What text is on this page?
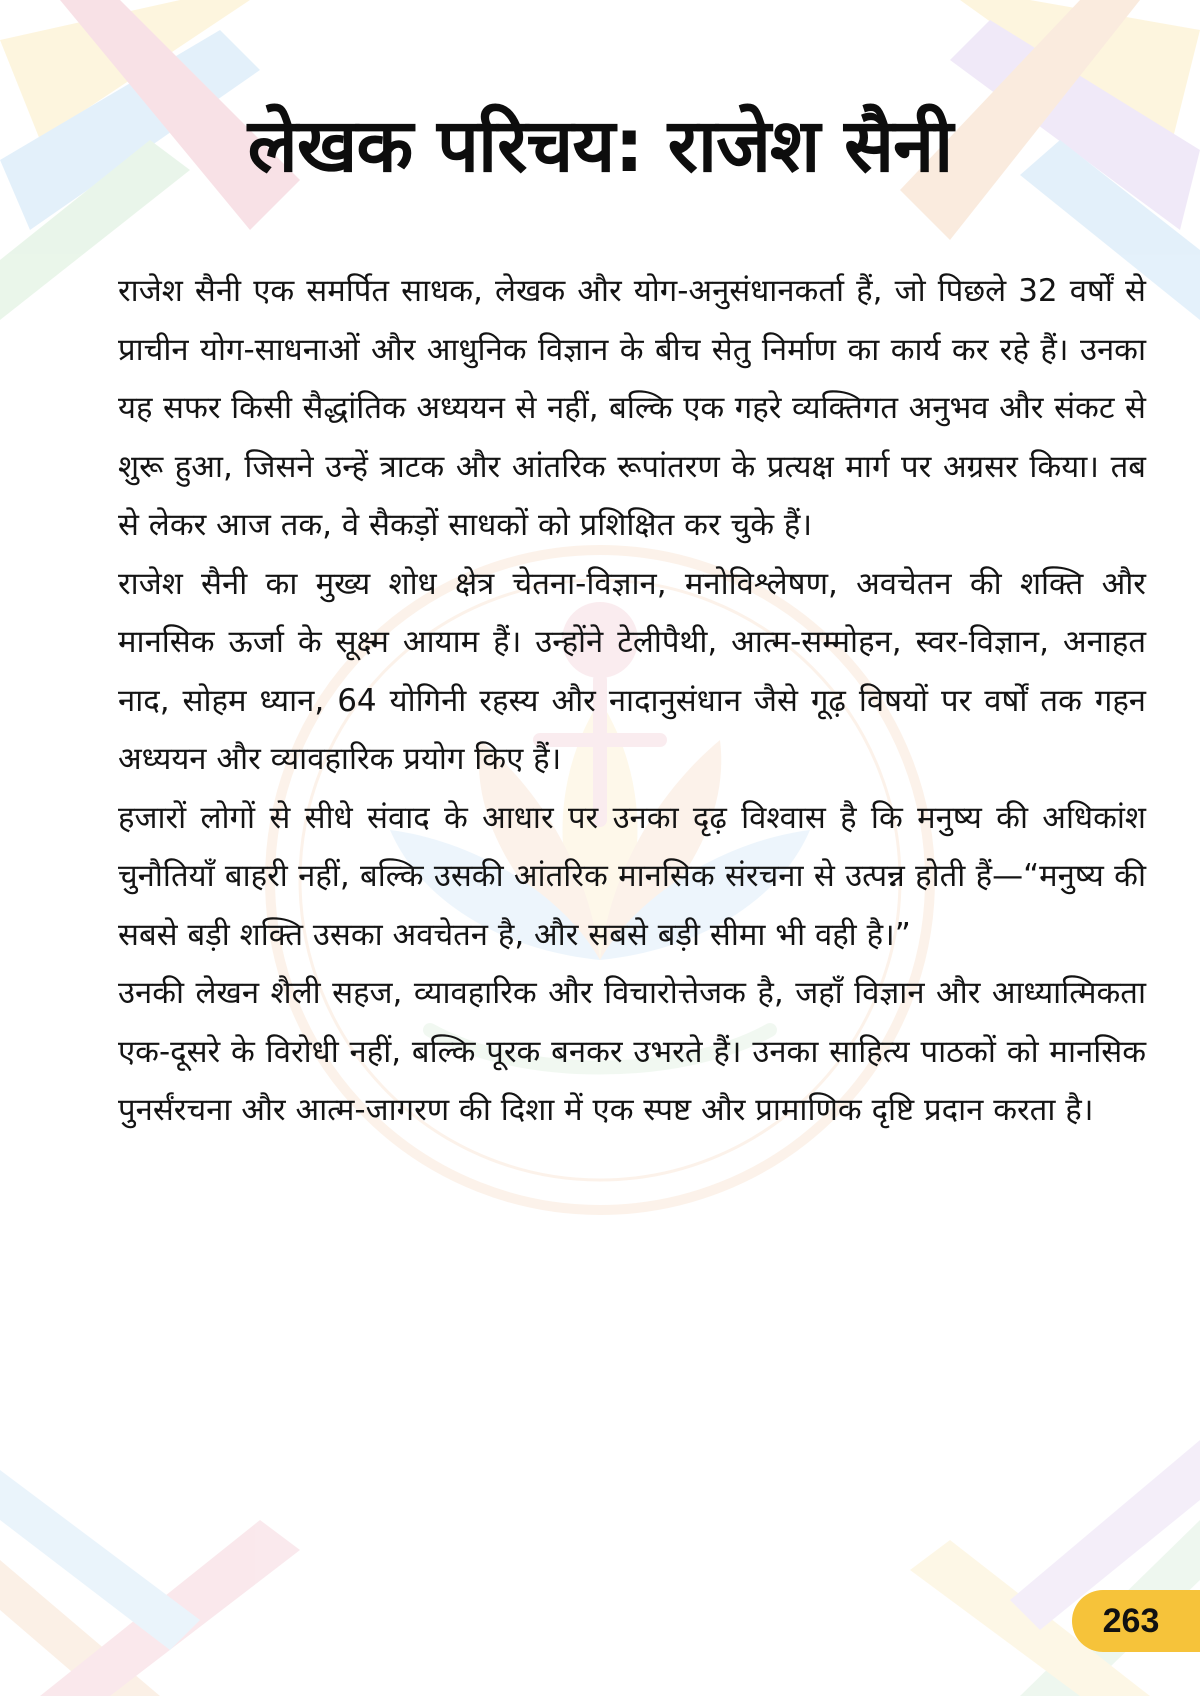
लेखक परिचय: राजेश सैनी

राजेश सैनी एक समर्पित साधक, लेखक और योग-अनुसंधानकर्ता हैं, जो पिछले 32 वर्षों से प्राचीन योग-साधनाओं और आधुनिक विज्ञान के बीच सेतु निर्माण का कार्य कर रहे हैं। उनका यह सफर किसी सैद्धांतिक अध्ययन से नहीं, बल्कि एक गहरे व्यक्तिगत अनुभव और संकट से शुरू हुआ, जिसने उन्हें त्राटक और आंतरिक रूपांतरण के प्रत्यक्ष मार्ग पर अग्रसर किया। तब से लेकर आज तक, वे सैकड़ों साधकों को प्रशिक्षित कर चुके हैं।

राजेश सैनी का मुख्य शोध क्षेत्र चेतना-विज्ञान, मनोविश्लेषण, अवचेतन की शक्ति और मानसिक ऊर्जा के सूक्ष्म आयाम हैं। उन्होंने टेलीपैथी, आत्म-सम्मोहन, स्वर-विज्ञान, अनाहत नाद, सोहम ध्यान, 64 योगिनी रहस्य और नादानुसंधान जैसे गूढ़ विषयों पर वर्षों तक गहन अध्ययन और व्यावहारिक प्रयोग किए हैं।

हजारों लोगों से सीधे संवाद के आधार पर उनका दृढ़ विश्वास है कि मनुष्य की अधिकांश चुनौतियाँ बाहरी नहीं, बल्कि उसकी आंतरिक मानसिक संरचना से उत्पन्न होती हैं—“मनुष्य की सबसे बड़ी शक्ति उसका अवचेतन है, और सबसे बड़ी सीमा भी वही है।”

उनकी लेखन शैली सहज, व्यावहारिक और विचारोत्तेजक है, जहाँ विज्ञान और आध्यात्मिकता एक-दूसरे के विरोधी नहीं, बल्कि पूरक बनकर उभरते हैं। उनका साहित्य पाठकों को मानसिक पुनर्संरचना और आत्म-जागरण की दिशा में एक स्पष्ट और प्रामाणिक दृष्टि प्रदान करता है।

263
